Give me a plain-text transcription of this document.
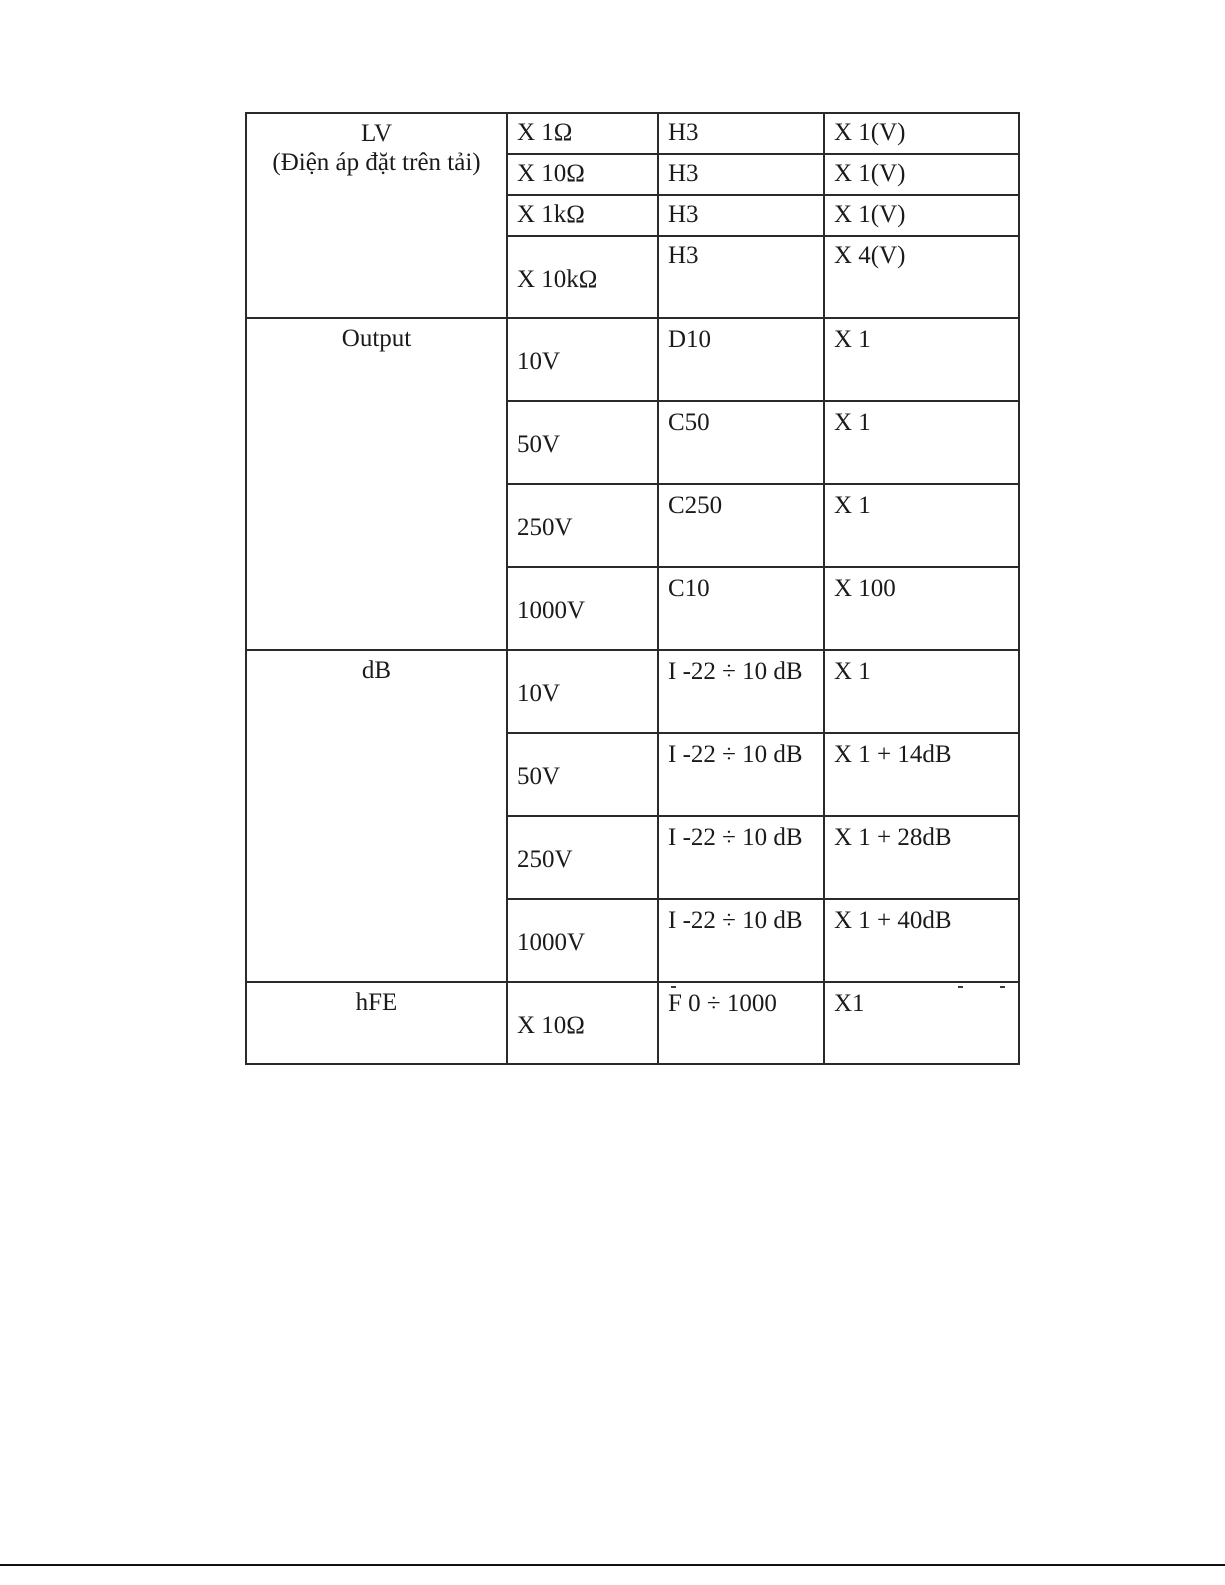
LV
(Điện áp đặt trên tải)	X 1Ω	H3	X 1(V)
	X 10Ω	H3	X 1(V)
	X 1kΩ	H3	X 1(V)
	X 10kΩ	H3	X 4(V)

Output	10V	D10	X 1
	50V	C50	X 1
	250V	C250	X 1
	1000V	C10	X 100

dB	10V	I -22 ÷ 10 dB	X 1
	50V	I -22 ÷ 10 dB	X 1 + 14dB
	250V	I -22 ÷ 10 dB	X 1 + 28dB
	1000V	I -22 ÷ 10 dB	X 1 + 40dB

hFE	X 10Ω	F 0 ÷ 1000	X1
